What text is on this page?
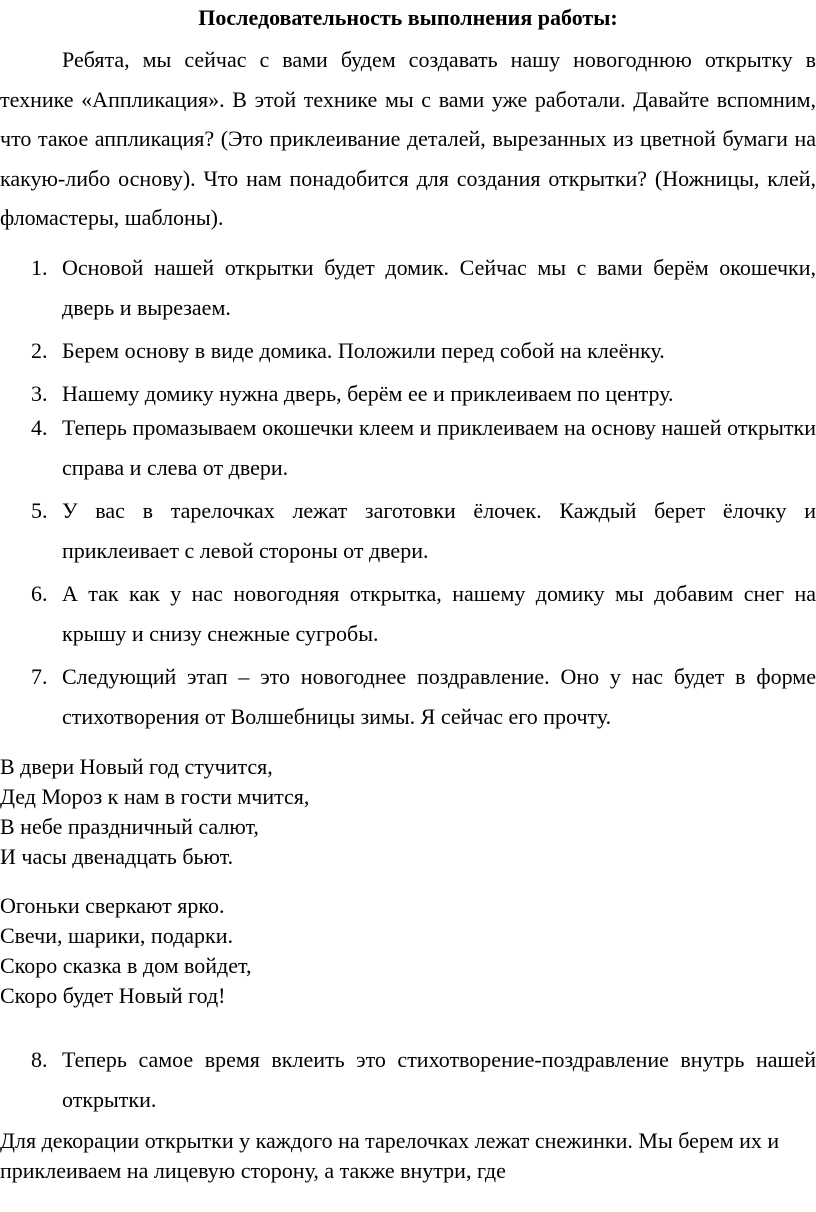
Последовательность выполнения работы:

Ребята, мы сейчас с вами будем создавать нашу новогоднюю открытку в технике «Аппликация». В этой технике мы с вами уже работали. Давайте вспомним, что такое аппликация? (Это приклеивание деталей, вырезанных из цветной бумаги на какую-либо основу). Что нам понадобится для создания открытки? (Ножницы, клей, фломастеры, шаблоны).

1. Основой нашей открытки будет домик. Сейчас мы с вами берём окошечки, дверь и вырезаем.
2. Берем основу в виде домика. Положили перед собой на клеёнку.
3. Нашему домику нужна дверь, берём ее и приклеиваем по центру.
4. Теперь промазываем окошечки клеем и приклеиваем на основу нашей открытки справа и слева от двери.
5. У вас в тарелочках лежат заготовки ёлочек. Каждый берет ёлочку и приклеивает с левой стороны от двери.
6. А так как у нас новогодняя открытка, нашему домику мы добавим снег на крышу и снизу снежные сугробы.
7. Следующий этап – это новогоднее поздравление. Оно у нас будет в форме стихотворения от Волшебницы зимы. Я сейчас его прочту.
В двери Новый год стучится,
Дед Мороз к нам в гости мчится,
В небе праздничный салют,
И часы двенадцать бьют.
Огоньки сверкают ярко.
Свечи, шарики, подарки.
Скоро сказка в дом войдет,
Скоро будет Новый год!
8. Теперь самое время вклеить это стихотворение-поздравление внутрь нашей открытки.

Для декорации открытки у каждого на тарелочках лежат снежинки. Мы берем их и приклеиваем на лицевую сторону, а также внутри, где
